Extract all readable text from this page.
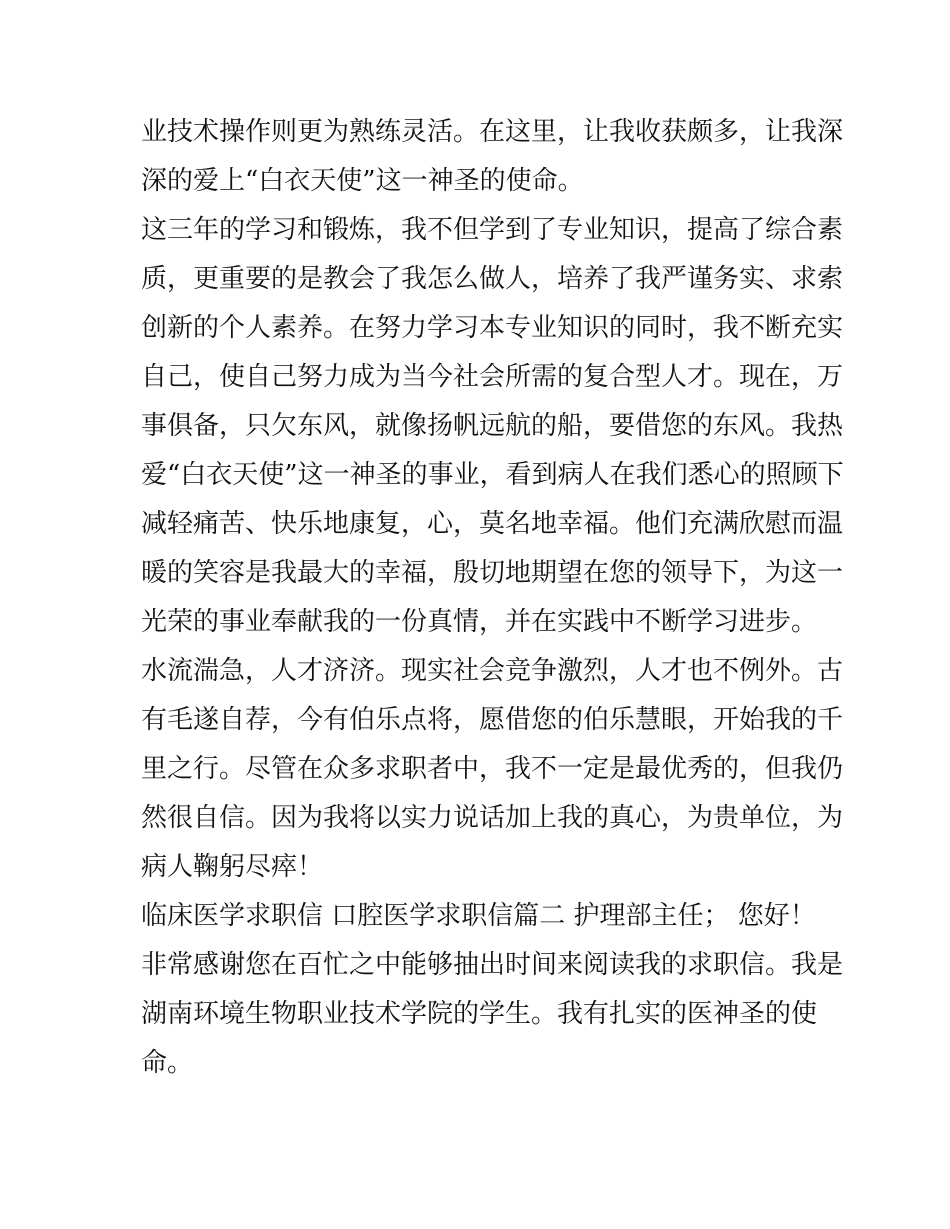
业技术操作则更为熟练灵活。在这里，让我收获颇多，让我深
深的爱上“白衣天使”这一神圣的使命。
这三年的学习和锻炼，我不但学到了专业知识，提高了综合素
质，更重要的是教会了我怎么做人，培养了我严谨务实、求索
创新的个人素养。在努力学习本专业知识的同时，我不断充实
自己，使自己努力成为当今社会所需的复合型人才。现在，万
事俱备，只欠东风，就像扬帆远航的船，要借您的东风。我热
爱“白衣天使”这一神圣的事业，看到病人在我们悉心的照顾下
减轻痛苦、快乐地康复，心，莫名地幸福。他们充满欣慰而温
暖的笑容是我最大的幸福，殷切地期望在您的领导下，为这一
光荣的事业奉献我的一份真情，并在实践中不断学习进步。
水流湍急，人才济济。现实社会竞争激烈，人才也不例外。古
有毛遂自荐，今有伯乐点将，愿借您的伯乐慧眼，开始我的千
里之行。尽管在众多求职者中，我不一定是最优秀的，但我仍
然很自信。因为我将以实力说话加上我的真心，为贵单位，为
病人鞠躬尽瘁！
临床医学求职信 口腔医学求职信篇二 护理部主任； 您好！
非常感谢您在百忙之中能够抽出时间来阅读我的求职信。我是
湖南环境生物职业技术学院的学生。我有扎实的医神圣的使
命。
